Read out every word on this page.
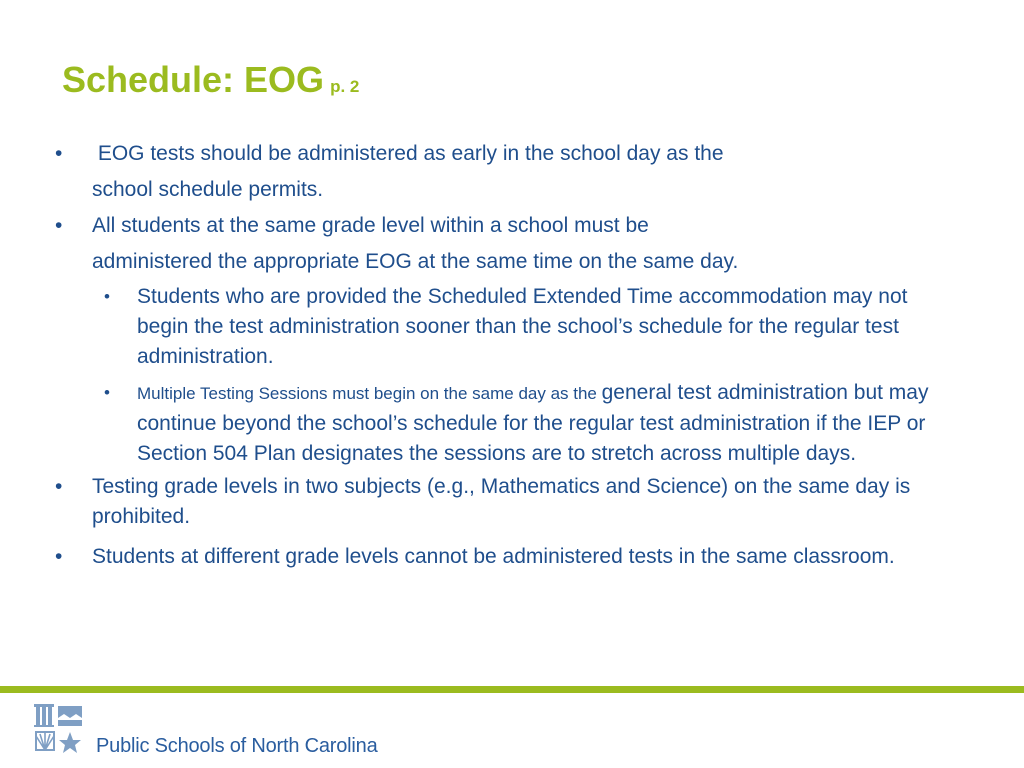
Schedule: EOG p. 2
• EOG tests should be administered as early in the school day as the
school schedule permits.
• All students at the same grade level within a school must be
administered the appropriate EOG at the same time on the same day.
• Students who are provided the Scheduled Extended Time accommodation may not begin the test administration sooner than the school’s schedule for the regular test administration.
• Multiple Testing Sessions must begin on the same day as the general test administration but may continue beyond the school’s schedule for the regular test administration if the IEP or Section 504 Plan designates the sessions are to stretch across multiple days.
• Testing grade levels in two subjects (e.g., Mathematics and Science) on the same day is prohibited.
• Students at different grade levels cannot be administered tests in the same classroom.
Public Schools of North Carolina
